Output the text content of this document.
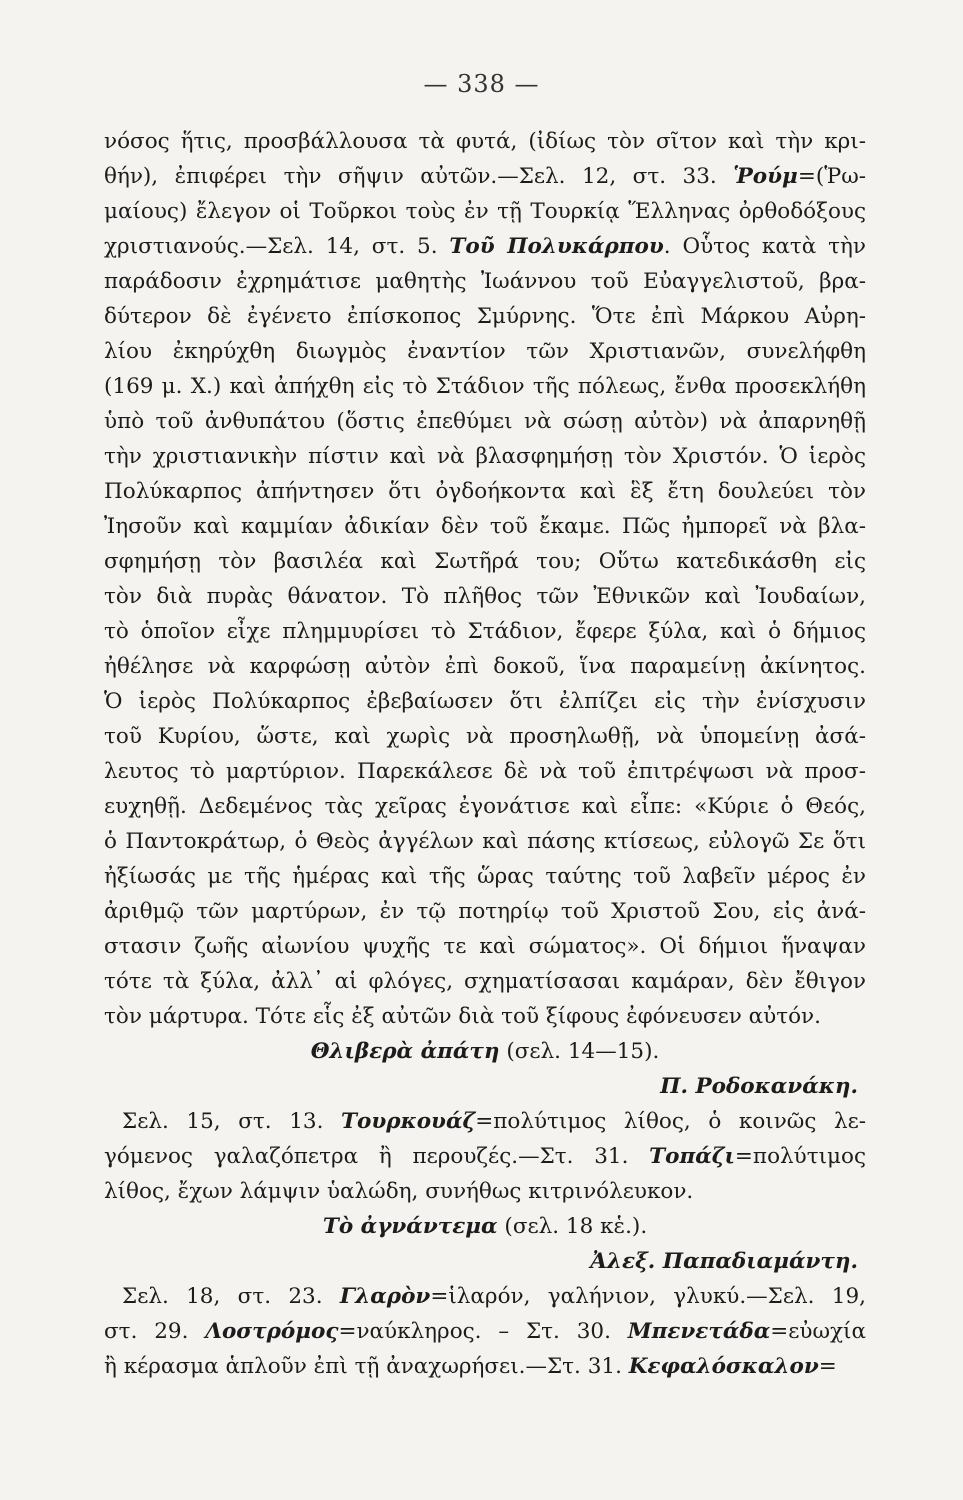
— 338 —
νόσος ἥτις, προσβάλλουσα τὰ φυτά, (ἰδίως τὸν σῖτον καὶ τὴν κρι-
θήν), ἐπιφέρει τὴν σῆψιν αὐτῶν.—Σελ. 12, στ. 33. Ῥούμ=(Ῥω-
μαίους) ἔλεγον οἱ Τοῦρκοι τοὺς ἐν τῇ Τουρκίᾳ Ἕλληνας ὀρθοδόξους
χριστιανούς.—Σελ. 14, στ. 5. Τοῦ Πολυκάρπου. Οὗτος κατὰ τὴν
παράδοσιν ἐχρημάτισε μαθητὴς Ἰωάννου τοῦ Εὐαγγελιστοῦ, βρα-
δύτερον δὲ ἐγένετο ἐπίσκοπος Σμύρνης. Ὅτε ἐπὶ Μάρκου Αὐρη-
λίου ἐκηρύχθη διωγμὸς ἐναντίον τῶν Χριστιανῶν, συνελήφθη
(169 μ. Χ.) καὶ ἀπήχθη εἰς τὸ Στάδιον τῆς πόλεως, ἔνθα προσεκλήθη
ὑπὸ τοῦ ἀνθυπάτου (ὅστις ἐπεθύμει νὰ σώσῃ αὐτὸν) νὰ ἀπαρνηθῇ
τὴν χριστιανικὴν πίστιν καὶ νὰ βλασφημήσῃ τὸν Χριστόν. Ὁ ἱερὸς
Πολύκαρπος ἀπήντησεν ὅτι ὀγδοήκοντα καὶ ἓξ ἔτη δουλεύει τὸν
Ἰησοῦν καὶ καμμίαν ἀδικίαν δὲν τοῦ ἔκαμε. Πῶς ἠμπορεῖ νὰ βλα-
σφημήσῃ τὸν βασιλέα καὶ Σωτῆρά του; Οὕτω κατεδικάσθη εἰς
τὸν διὰ πυρὰς θάνατον. Τὸ πλῆθος τῶν Ἐθνικῶν καὶ Ἰουδαίων,
τὸ ὁποῖον εἶχε πλημμυρίσει τὸ Στάδιον, ἔφερε ξύλα, καὶ ὁ δήμιος
ἠθέλησε νὰ καρφώσῃ αὐτὸν ἐπὶ δοκοῦ, ἵνα παραμείνῃ ἀκίνητος.
Ὁ ἱερὸς Πολύκαρπος ἐβεβαίωσεν ὅτι ἐλπίζει εἰς τὴν ἐνίσχυσιν
τοῦ Κυρίου, ὥστε, καὶ χωρὶς νὰ προσηλωθῇ, νὰ ὑπομείνῃ ἀσά-
λευτος τὸ μαρτύριον. Παρεκάλεσε δὲ νὰ τοῦ ἐπιτρέψωσι νὰ προσ-
ευχηθῇ. Δεδεμένος τὰς χεῖρας ἐγονάτισε καὶ εἶπε: «Κύριε ὁ Θεός,
ὁ Παντοκράτωρ, ὁ Θεὸς ἀγγέλων καὶ πάσης κτίσεως, εὐλογῶ Σε ὅτι
ἠξίωσάς με τῆς ἡμέρας καὶ τῆς ὥρας ταύτης τοῦ λαβεῖν μέρος ἐν
ἀριθμῷ τῶν μαρτύρων, ἐν τῷ ποτηρίῳ τοῦ Χριστοῦ Σου, εἰς ἀνά-
στασιν ζωῆς αἰωνίου ψυχῆς τε καὶ σώματος». Οἱ δήμιοι ἥναψαν
τότε τὰ ξύλα, ἀλλ᾽ αἱ φλόγες, σχηματίσασαι καμάραν, δὲν ἔθιγον
τὸν μάρτυρα. Τότε εἷς ἐξ αὐτῶν διὰ τοῦ ξίφους ἐφόνευσεν αὐτόν.
Θλιβερὰ ἀπάτη (σελ. 14—15).
Π. Ροδοκανάκη.
Σελ. 15, στ. 13. Τουρκουάζ=πολύτιμος λίθος, ὁ κοινῶς λε-
γόμενος γαλαζόπετρα ἢ περουζές.—Στ. 31. Τοπάζι=πολύτιμος
λίθος, ἔχων λάμψιν ὑαλώδη, συνήθως κιτρινόλευκον.
Τὸ ἀγνάντεμα (σελ. 18 κἑ.).
Ἀλεξ. Παπαδιαμάντη.
Σελ. 18, στ. 23. Γλαρὸν=ἱλαρόν, γαλήνιον, γλυκύ.—Σελ. 19,
στ. 29. Λοστρόμος=ναύκληρος. – Στ. 30. Μπενετάδα=εὐωχία
ἢ κέρασμα ἁπλοῦν ἐπὶ τῇ ἀναχωρήσει.—Στ. 31. Κεφαλόσκαλον=
